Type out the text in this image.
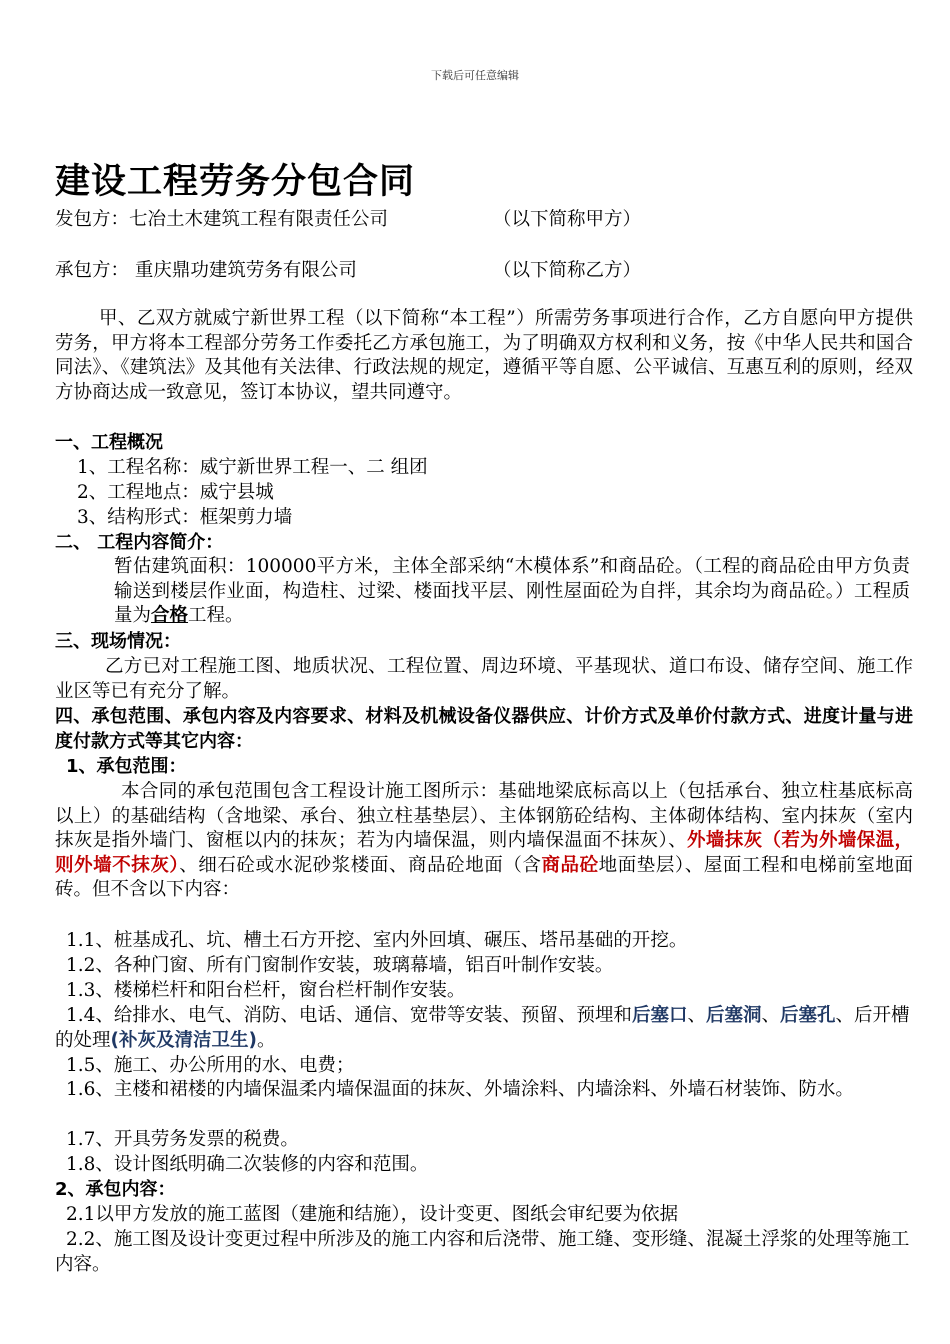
下载后可任意编辑
建设工程劳务分包合同
发包方：七冶土木建筑工程有限责任公司	（以下简称甲方）
承包方： 重庆鼎功建筑劳务有限公司	（以下简称乙方）
甲、乙双方就威宁新世界工程（以下简称“本工程”）所需劳务事项进行合作，乙方自愿向甲方提供劳务，甲方将本工程部分劳务工作委托乙方承包施工，为了明确双方权利和义务，按《中华人民共和国合同法》、《建筑法》及其他有关法律、行政法规的规定，遵循平等自愿、公平诚信、互惠互利的原则，经双方协商达成一致意见，签订本协议，望共同遵守。
一、工程概况
1、工程名称：威宁新世界工程一、二 组团
2、工程地点：威宁县城
3、结构形式：框架剪力墙
二、 工程内容简介：
暂估建筑面积：100000平方米，主体全部采纳“木模体系”和商品砼。（工程的商品砼由甲方负责输送到楼层作业面，构造柱、过梁、楼面找平层、刚性屋面砼为自拌，其余均为商品砼。）工程质量为合格工程。
三、现场情况：
乙方已对工程施工图、地质状况、工程位置、周边环境、平基现状、道口布设、储存空间、施工作业区等已有充分了解。
四、承包范围、承包内容及内容要求、材料及机械设备仪器供应、计价方式及单价付款方式、进度计量与进度付款方式等其它内容：
1、承包范围：
本合同的承包范围包含工程设计施工图所示：基础地梁底标高以上（包括承台、独立柱基底标高以上）的基础结构（含地梁、承台、独立柱基垫层）、主体钢筋砼结构、主体砌体结构、室内抹灰（室内抹灰是指外墙门、窗框以内的抹灰；若为内墙保温，则内墙保温面不抹灰）、外墙抹灰（若为外墙保温，则外墙不抹灰）、细石砼或水泥砂浆楼面、商品砼地面（含商品砼地面垫层）、屋面工程和电梯前室地面砖。但不含以下内容：
1.1、桩基成孔、坑、槽土石方开挖、室内外回填、碾压、塔吊基础的开挖。
1.2、各种门窗、所有门窗制作安装，玻璃幕墙，铝百叶制作安装。
1.3、楼梯栏杆和阳台栏杆，窗台栏杆制作安装。
1.4、给排水、电气、消防、电话、通信、宽带等安装、预留、预埋和后塞口、后塞洞、后塞孔、后开槽的处理(补灰及清洁卫生)。
1.5、施工、办公所用的水、电费；
1.6、主楼和裙楼的内墙保温柔内墙保温面的抹灰、外墙涂料、内墙涂料、外墙石材装饰、防水。
1.7、开具劳务发票的税费。
1.8、设计图纸明确二次装修的内容和范围。
2、承包内容：
2.1以甲方发放的施工蓝图（建施和结施），设计变更、图纸会审纪要为依据
2.2、施工图及设计变更过程中所涉及的施工内容和后浇带、施工缝、变形缝、混凝土浮浆的处理等施工内容。
